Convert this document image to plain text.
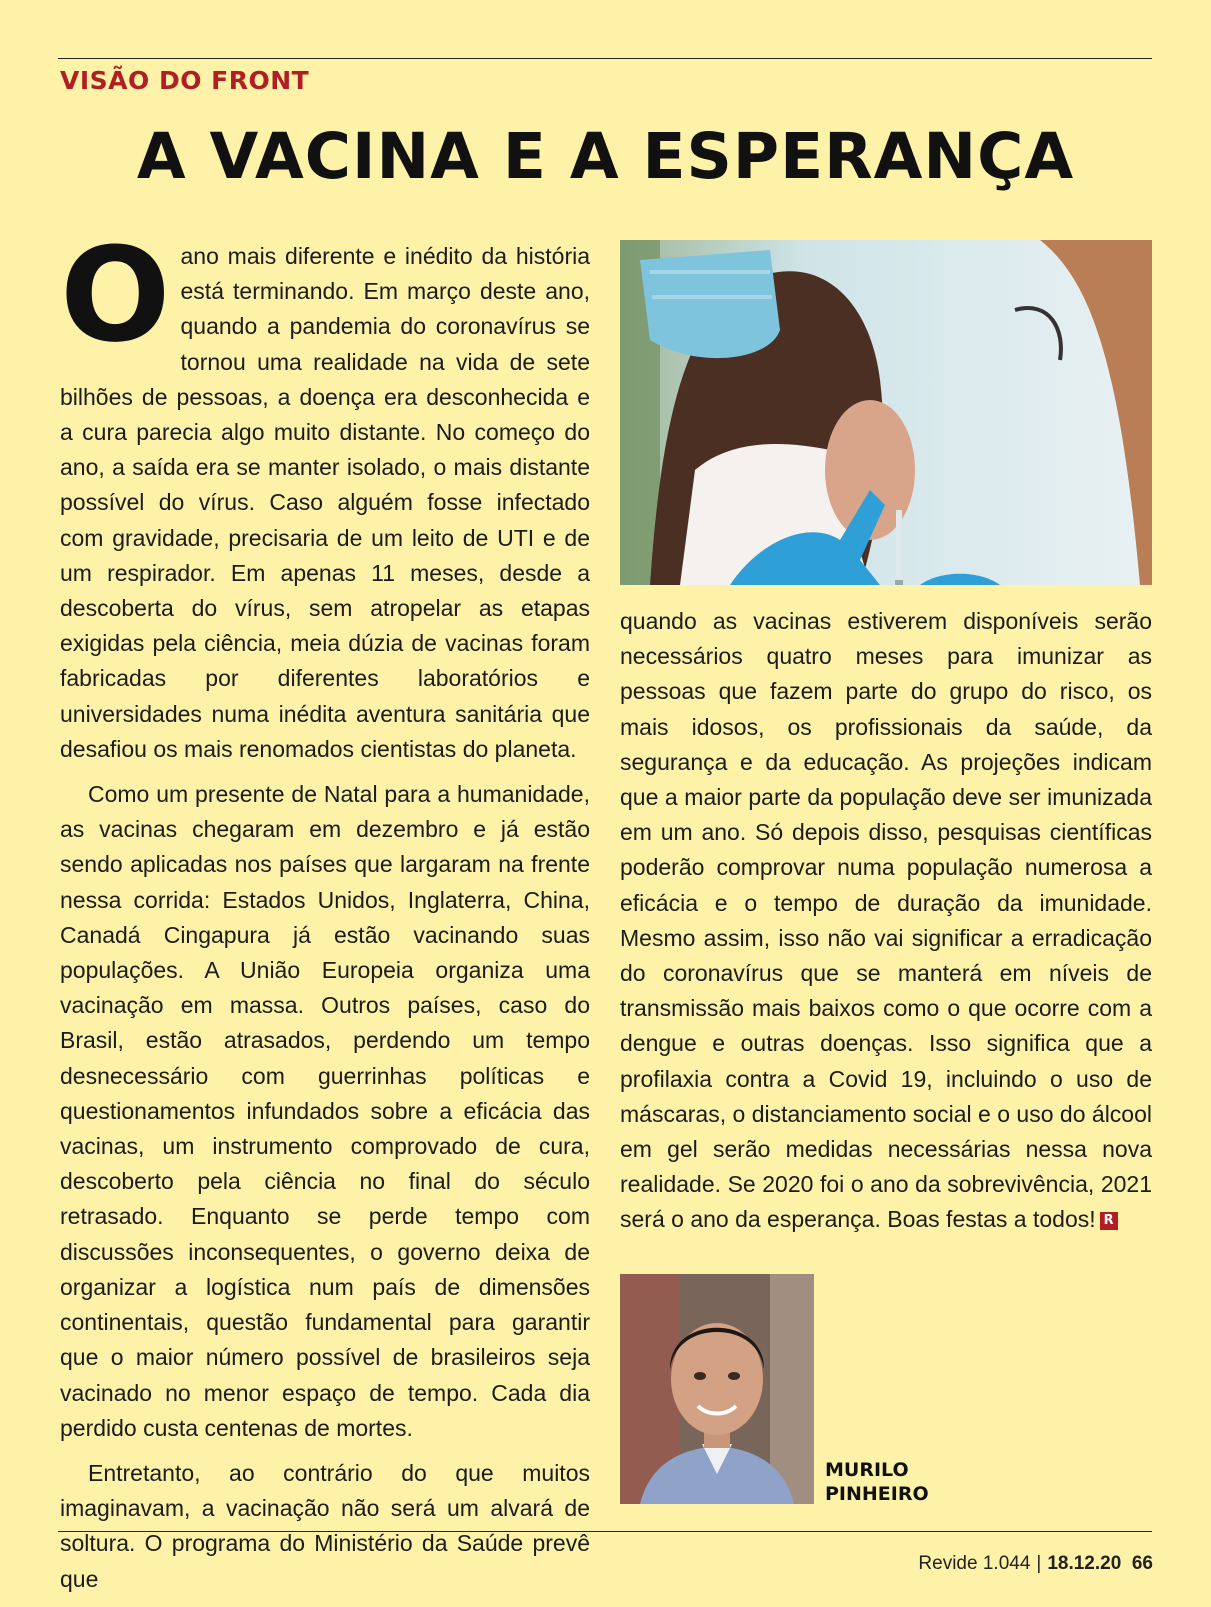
VISÃO DO FRONT
A VACINA E A ESPERANÇA

Oano mais diferente e inédito da história está terminando. Em março deste ano, quando a pandemia do coronavírus se tornou uma realidade na vida de sete bilhões de pessoas, a doença era desconhecida e a cura parecia algo muito distante. No começo do ano, a saída era se manter isolado, o mais distante possível do vírus. Caso alguém fosse infectado com gravidade, precisaria de um leito de UTI e de um respirador. Em apenas 11 meses, desde a descoberta do vírus, sem atropelar as etapas exigidas pela ciência, meia dúzia de vacinas foram fabricadas por diferentes laboratórios e universidades numa inédita aventura sanitária que desafiou os mais renomados cientistas do planeta.

Como um presente de Natal para a humanidade, as vacinas chegaram em dezembro e já estão sendo aplicadas nos países que largaram na frente nessa corrida: Estados Unidos, Inglaterra, China, Canadá Cingapura já estão vacinando suas populações. A União Europeia organiza uma vacinação em massa. Outros países, caso do Brasil, estão atrasados, perdendo um tempo desnecessário com guerrinhas políticas e questionamentos infundados sobre a eficácia das vacinas, um instrumento comprovado de cura, descoberto pela ciência no final do século retrasado. Enquanto se perde tempo com discussões inconsequentes, o governo deixa de organizar a logística num país de dimensões continentais, questão fundamental para garantir que o maior número possível de brasileiros seja vacinado no menor espaço de tempo. Cada dia perdido custa centenas de mortes.

Entretanto, ao contrário do que muitos imaginavam, a vacinação não será um alvará de soltura. O programa do Ministério da Saúde prevê que

quando as vacinas estiverem disponíveis serão necessários quatro meses para imunizar as pessoas que fazem parte do grupo do risco, os mais idosos, os profissionais da saúde, da segurança e da educação. As projeções indicam que a maior parte da população deve ser imunizada em um ano. Só depois disso, pesquisas científicas poderão comprovar numa população numerosa a eficácia e o tempo de duração da imunidade. Mesmo assim, isso não vai significar a erradicação do coronavírus que se manterá em níveis de transmissão mais baixos como o que ocorre com a dengue e outras doenças. Isso significa que a profilaxia contra a Covid 19, incluindo o uso de máscaras, o distanciamento social e o uso do álcool em gel serão medidas necessárias nessa nova realidade. Se 2020 foi o ano da sobrevivência, 2021 será o ano da esperança. Boas festas a todos! R

MURILO
PINHEIRO
Revide 1.044 | 18.12.20 66
